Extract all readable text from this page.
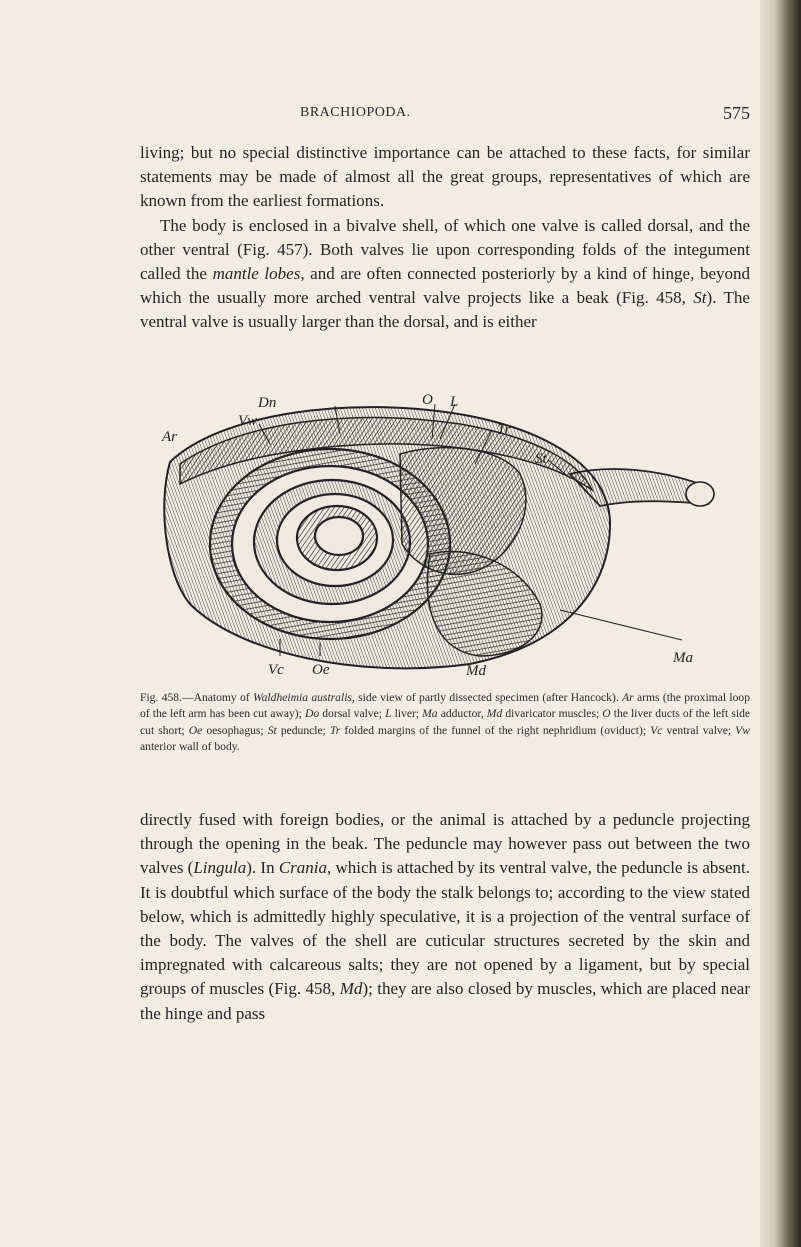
BRACHIOPODA.	575

living; but no special distinctive importance can be attached to these facts, for similar statements may be made of almost all the great groups, representatives of which are known from the earliest formations.

The body is enclosed in a bivalve shell, of which one valve is called dorsal, and the other ventral (Fig. 457). Both valves lie upon corresponding folds of the integument called the mantle lobes, and are often connected posteriorly by a kind of hinge, beyond which the usually more arched ventral valve projects like a beak (Fig. 458, St). The ventral valve is usually larger than the dorsal, and is either

Vw
Dn	O L
Ar	Tr
St
Ma
Md
Vc Oe

Fig. 458.—Anatomy of Waldheimia australis, side view of partly dissected specimen (after Hancock). Ar arms (the proximal loop of the left arm has been cut away); Do dorsal valve; L liver; Ma adductor, Md divaricator muscles; O the liver ducts of the left side cut short; Oe oesophagus; St peduncle; Tr folded margins of the funnel of the right nephridium (oviduct); Vc ventral valve; Vw anterior wall of body.

directly fused with foreign bodies, or the animal is attached by a peduncle projecting through the opening in the beak. The peduncle may however pass out between the two valves (Lingula). In Crania, which is attached by its ventral valve, the peduncle is absent. It is doubtful which surface of the body the stalk belongs to; according to the view stated below, which is admittedly highly speculative, it is a projection of the ventral surface of the body. The valves of the shell are cuticular structures secreted by the skin and impregnated with calcareous salts; they are not opened by a ligament, but by special groups of muscles (Fig. 458, Md); they are also closed by muscles, which are placed near the hinge and pass
